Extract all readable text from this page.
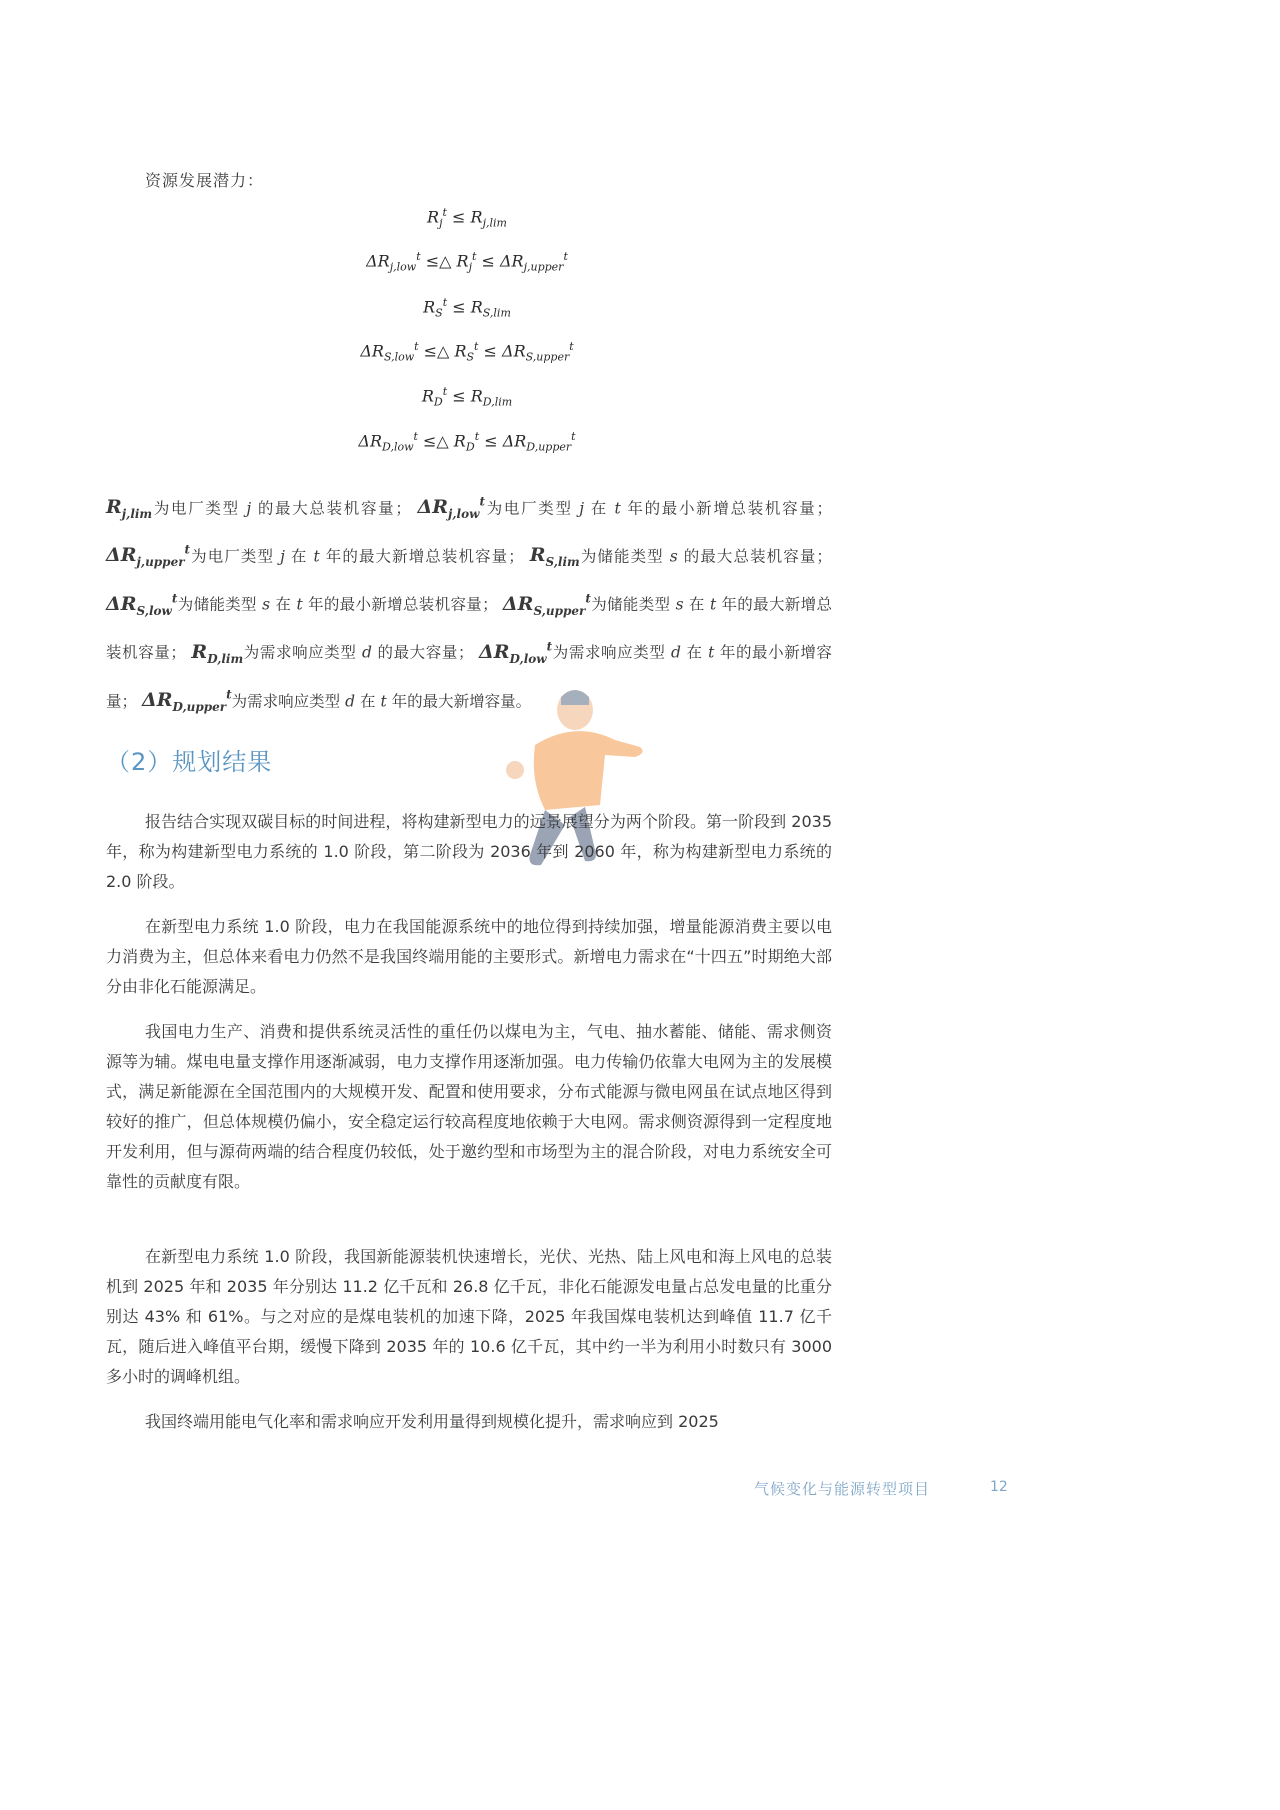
资源发展潜力：
$R_j^t \le R_{j,lim}$
$\Delta R_{j,low}^t$ ≤△ $R_j^t \le \Delta R_{j,upper}^t$
$R_S^t \le R_{S,lim}$
$\Delta R_{S,low}^t$ ≤△ $R_S^t \le \Delta R_{S,upper}^t$
$R_D^t \le R_{D,lim}$
$\Delta R_{D,low}^t$ ≤△ $R_D^t \le \Delta R_{D,upper}^t$
$R_{j,lim}$为电厂类型 j 的最大总装机容量； $\Delta R_{j,low}^t$为电厂类型 j 在 t 年的最小新增总装机容量； $\Delta R_{j,upper}^t$为电厂类型 j 在 t 年的最大新增总装机容量； $R_{S,lim}$为储能类型 s 的最大总装机容量； $\Delta R_{S,low}^t$为储能类型 s 在 t 年的最小新增总装机容量； $\Delta R_{S,upper}^t$为储能类型 s 在 t 年的最大新增总装机容量； $R_{D,lim}$为需求响应类型 d 的最大容量； $\Delta R_{D,low}^t$为需求响应类型 d 在 t 年的最小新增容量； $\Delta R_{D,upper}^t$为需求响应类型 d 在 t 年的最大新增容量。
（2）规划结果

报告结合实现双碳目标的时间进程，将构建新型电力的远景展望分为两个阶段。第一阶段到 2035 年，称为构建新型电力系统的 1.0 阶段，第二阶段为 2036 年到 2060 年，称为构建新型电力系统的 2.0 阶段。

在新型电力系统 1.0 阶段，电力在我国能源系统中的地位得到持续加强，增量能源消费主要以电力消费为主，但总体来看电力仍然不是我国终端用能的主要形式。新增电力需求在“十四五”时期绝大部分由非化石能源满足。

我国电力生产、消费和提供系统灵活性的重任仍以煤电为主，气电、抽水蓄能、储能、需求侧资源等为辅。煤电电量支撑作用逐渐减弱，电力支撑作用逐渐加强。电力传输仍依靠大电网为主的发展模式，满足新能源在全国范围内的大规模开发、配置和使用要求，分布式能源与微电网虽在试点地区得到较好的推广，但总体规模仍偏小，安全稳定运行较高程度地依赖于大电网。需求侧资源得到一定程度地开发利用，但与源荷两端的结合程度仍较低，处于邀约型和市场型为主的混合阶段，对电力系统安全可靠性的贡献度有限。

在新型电力系统 1.0 阶段，我国新能源装机快速增长，光伏、光热、陆上风电和海上风电的总装机到 2025 年和 2035 年分别达 11.2 亿千瓦和 26.8 亿千瓦，非化石能源发电量占总发电量的比重分别达 43% 和 61%。与之对应的是煤电装机的加速下降，2025 年我国煤电装机达到峰值 11.7 亿千瓦，随后进入峰值平台期，缓慢下降到 2035 年的 10.6 亿千瓦，其中约一半为利用小时数只有 3000 多小时的调峰机组。

我国终端用能电气化率和需求响应开发利用量得到规模化提升，需求响应到 2025

气候变化与能源转型项目	12
